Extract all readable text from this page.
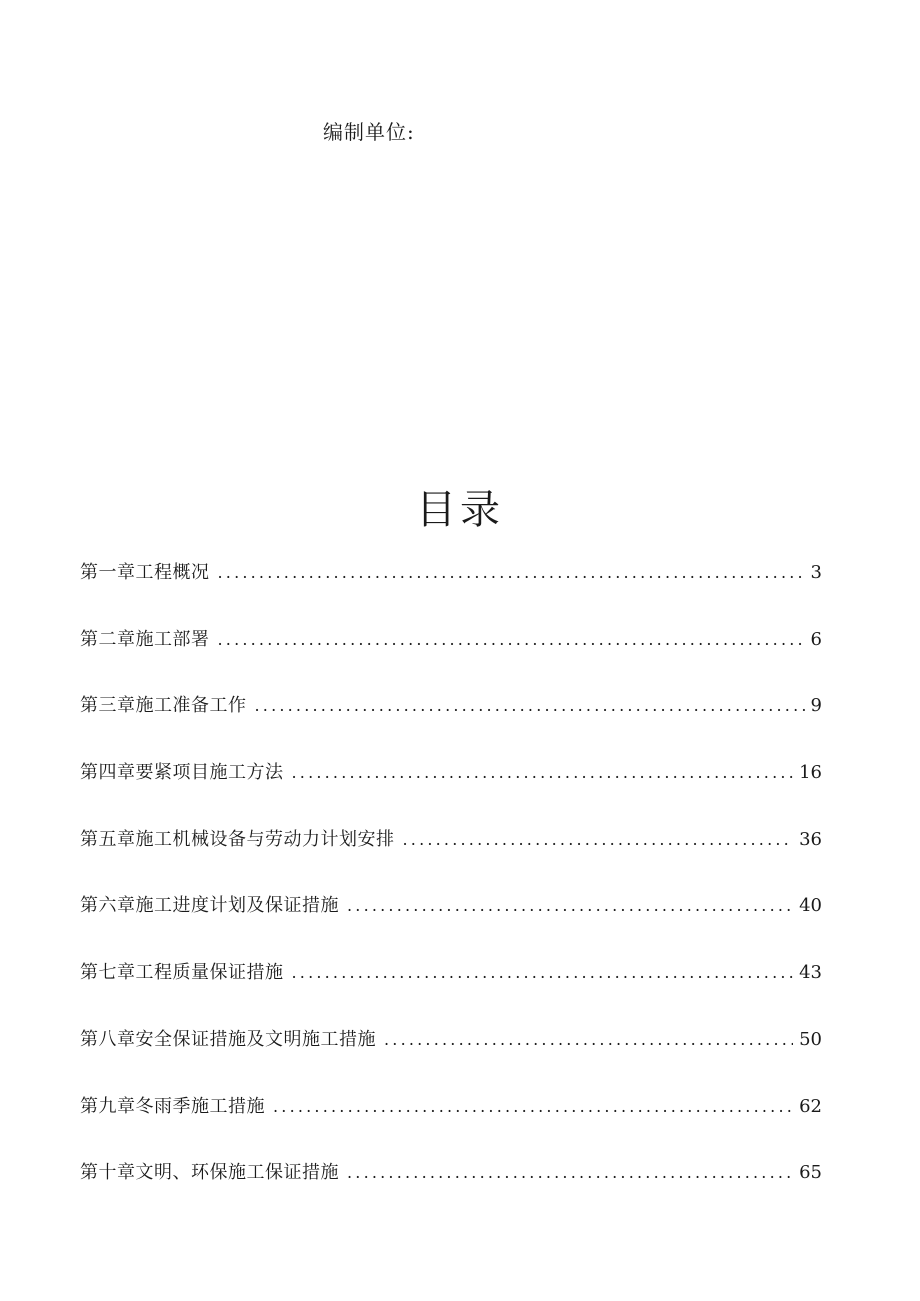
编制单位:
目录
第一章工程概况 .....	3
第二章施工部署 .....	6
第三章施工准备工作 .....	9
第四章要紧项目施工方法 .....	16
第五章施工机械设备与劳动力计划安排 .....	36
第六章施工进度计划及保证措施 .....	40
第七章工程质量保证措施 .....	43
第八章安全保证措施及文明施工措施 .....	50
第九章冬雨季施工措施 .....	62
第十章文明、环保施工保证措施 .....	65
